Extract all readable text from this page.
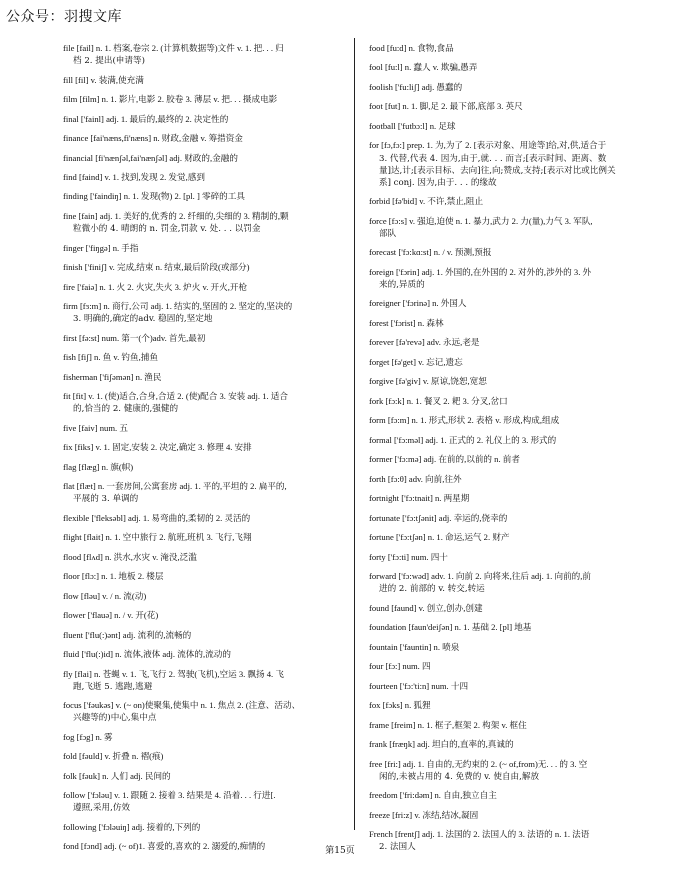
公众号：羽搜文库
file [fail] n. 1. 档案,卷宗 2. (计算机数据等)文件 v. 1. 把. . . 归
档 2. 提出(申请等)
fill [fil] v. 装满,使充满
film [film] n. 1. 影片,电影 2. 胶卷 3. 薄层 v. 把. . . 摄成电影
final ['fainl] adj. 1. 最后的,最终的 2. 决定性的
finance [fai'næns,fi'næns] n. 财政,金融 v. 筹措资金
financial [fi'nænʃəl,fai'nænʃəl] adj. 财政的,金融的
find [faind] v. 1. 找到,发现 2. 发觉,感到
finding ['faindiŋ] n. 1. 发现(物) 2. [pl. ] 零碎的工具
fine [fain] adj. 1. 美好的,优秀的 2. 纤细的,尖细的 3. 精制的,颗
粒微小的 4. 晴朗的 n. 罚金,罚款 v. 处. . . 以罚金
finger ['fiŋgə] n. 手指
finish ['finiʃ] v. 完成,结束 n. 结束,最后阶段(或部分)
fire ['faiə] n. 1. 火 2. 火灾,失火 3. 炉火 v. 开火,开枪
firm [fɜ:m] n. 商行,公司 adj. 1. 结实的,坚固的 2. 坚定的,坚决的
3. 明确的,确定的adv. 稳固的,坚定地
first [fə:st] num. 第一(个)adv. 首先,最初
fish [fiʃ] n. 鱼 v. 钓鱼,捕鱼
fisherman ['fiʃəmən] n. 渔民
fit [fit] v. 1. (使)适合,合身,合适 2. (使)配合 3. 安装 adj. 1. 适合
的,恰当的 2. 健康的,强健的
five [faiv] num. 五
fix [fiks] v. 1. 固定,安装 2. 决定,确定 3. 修理 4. 安排
flag [flæg] n. 旗(帜)
flat [flæt] n. 一套房间,公寓套房 adj. 1. 平的,平坦的 2. 扁平的,
平展的 3. 单调的
flexible ['fleksəbl] adj. 1. 易弯曲的,柔韧的 2. 灵活的
flight [flait] n. 1. 空中旅行 2. 航班,班机 3. 飞行,飞翔
flood [flʌd] n. 洪水,水灾 v. 淹没,泛滥
floor [flɔ:] n. 1. 地板 2. 楼层
flow [fləu] v. / n. 流(动)
flower ['flauə] n. / v. 开(花)
fluent ['flu(:)ənt] adj. 流利的,流畅的
fluid ['flu(:)id] n. 流体,液体 adj. 流体的,流动的
fly [flai] n. 苍蝇 v. 1. 飞,飞行 2. 驾驶(飞机),空运 3. 飘扬 4. 飞
跑,飞逝 5. 逃跑,逃避
focus ['fəukəs] v. (~ on)使聚集,使集中 n. 1. 焦点 2. (注意、活动、
兴趣等的)中心,集中点
fog [fɔg] n. 雾
fold [fəuld] v. 折叠 n. 褶(痕)
folk [fəuk] n. 人们 adj. 民间的
follow ['fɔləu] v. 1. 跟随 2. 接着 3. 结果是 4. 沿着. . . 行进[.
遵照,采用,仿效
following ['fɔləuiŋ] adj. 接着的,下列的
fond [fɔnd] adj. (~ of)1. 喜爱的,喜欢的 2. 溺爱的,痴情的
food [fu:d] n. 食物,食品
fool [fu:l] n. 蠢人 v. 欺骗,愚弄
foolish ['fu:liʃ] adj. 愚蠢的
foot [fut] n. 1. 脚,足 2. 最下部,底部 3. 英尺
football ['futbɔ:l] n. 足球
for [fɔ,fɔ:] prep. 1. 为,为了 2. [表示对象、用途等]给,对,供,适合于
3. 代替,代表 4. 因为,由于,就. . . 而言;[表示时间、距离、数
量]达,计;[表示目标、去向]往,向;赞成,支持;[表示对比或比例关
系] conj. 因为,由于. . . 的缘故
forbid [fə'bid] v. 不许,禁止,阻止
force [fɔ:s] v. 强迫,迫使 n. 1. 暴力,武力 2. 力(量),力气 3. 军队,
部队
forecast ['fɔ:kɑ:st] n. / v. 预测,预报
foreign ['fɔrin] adj. 1. 外国的,在外国的 2. 对外的,涉外的 3. 外
来的,异质的
foreigner ['fɔrinə] n. 外国人
forest ['fɔrist] n. 森林
forever [fə'revə] adv. 永远,老是
forget [fə'get] v. 忘记,遗忘
forgive [fə'giv] v. 原谅,饶恕,宽恕
fork [fɔ:k] n. 1. 餐叉 2. 耙 3. 分叉,岔口
form [fɔ:m] n. 1. 形式,形状 2. 表格 v. 形成,构成,组成
formal ['fɔ:məl] adj. 1. 正式的 2. 礼仪上的 3. 形式的
former ['fɔ:mə] adj. 在前的,以前的 n. 前者
forth [fɔ:θ] adv. 向前,往外
fortnight ['fɔ:tnait] n. 两星期
fortunate ['fɔ:tʃənit] adj. 幸运的,侥幸的
fortune ['fɔ:tʃən] n. 1. 命运,运气 2. 财产
forty ['fɔ:ti] num. 四十
forward ['fɔ:wəd] adv. 1. 向前 2. 向将来,往后 adj. 1. 向前的,前
进的 2. 前部的 v. 转交,转运
found [faund] v. 创立,创办,创建
foundation [faun'deiʃən] n. 1. 基础 2. [pl] 地基
fountain ['fauntin] n. 喷泉
four [fɔ:] num. 四
fourteen ['fɔ:'ti:n] num. 十四
fox [fɔks] n. 狐狸
frame [freim] n. 1. 框子,框架 2. 构架 v. 框住
frank [fræŋk] adj. 坦白的,直率的,真诚的
free [fri:] adj. 1. 自由的,无约束的 2. (~ of,from)无. . . 的 3. 空
闲的,未被占用的 4. 免费的 v. 使自由,解放
freedom ['fri:dəm] n. 自由,独立自主
freeze [fri:z] v. 冻结,结冰,凝固
French [frentʃ] adj. 1. 法国的 2. 法国人的 3. 法语的 n. 1. 法语
2. 法国人
第15页
